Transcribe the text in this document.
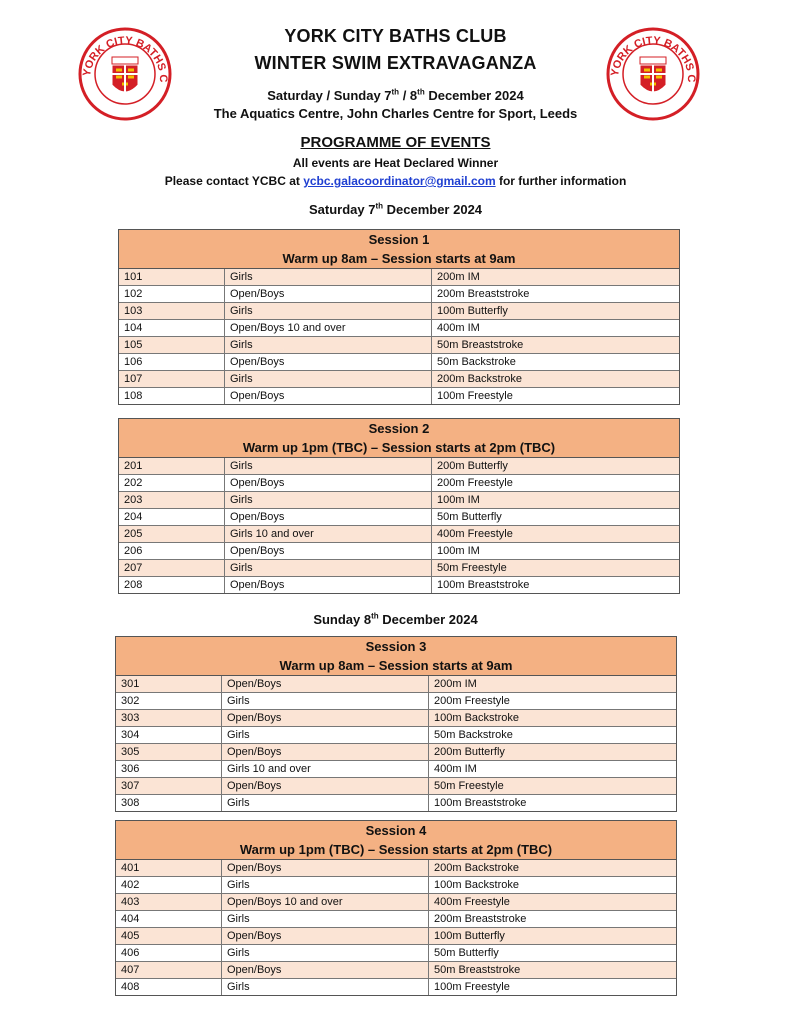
YORK CITY BATHS C
YORK CITY BATHS C
YORK CITY BATHS CLUB
WINTER SWIM EXTRAVAGANZA
Saturday / Sunday 7th / 8th December 2024
The Aquatics Centre, John Charles Centre for Sport, Leeds
PROGRAMME OF EVENTS
All events are Heat Declared Winner
Please contact YCBC at ycbc.galacoordinator@gmail.com for further information
Saturday 7th December 2024
Sunday 8th December 2024
Session 1
Warm up 8am – Session starts at 9am
101	Girls	200m IM
102	Open/Boys	200m Breaststroke
103	Girls	100m Butterfly
104	Open/Boys 10 and over	400m IM
105	Girls	50m Breaststroke
106	Open/Boys	50m Backstroke
107	Girls	200m Backstroke
108	Open/Boys	100m Freestyle
Session 2
Warm up 1pm (TBC) – Session starts at 2pm (TBC)
201	Girls	200m Butterfly
202	Open/Boys	200m Freestyle
203	Girls	100m IM
204	Open/Boys	50m Butterfly
205	Girls 10 and over	400m Freestyle
206	Open/Boys	100m IM
207	Girls	50m Freestyle
208	Open/Boys	100m Breaststroke
Session 3
Warm up 8am – Session starts at 9am
301	Open/Boys	200m IM
302	Girls	200m Freestyle
303	Open/Boys	100m Backstroke
304	Girls	50m Backstroke
305	Open/Boys	200m Butterfly
306	Girls 10 and over	400m IM
307	Open/Boys	50m Freestyle
308	Girls	100m Breaststroke
Session 4
Warm up 1pm (TBC) – Session starts at 2pm (TBC)
401	Open/Boys	200m Backstroke
402	Girls	100m Backstroke
403	Open/Boys 10 and over	400m Freestyle
404	Girls	200m Breaststroke
405	Open/Boys	100m Butterfly
406	Girls	50m Butterfly
407	Open/Boys	50m Breaststroke
408	Girls	100m Freestyle
